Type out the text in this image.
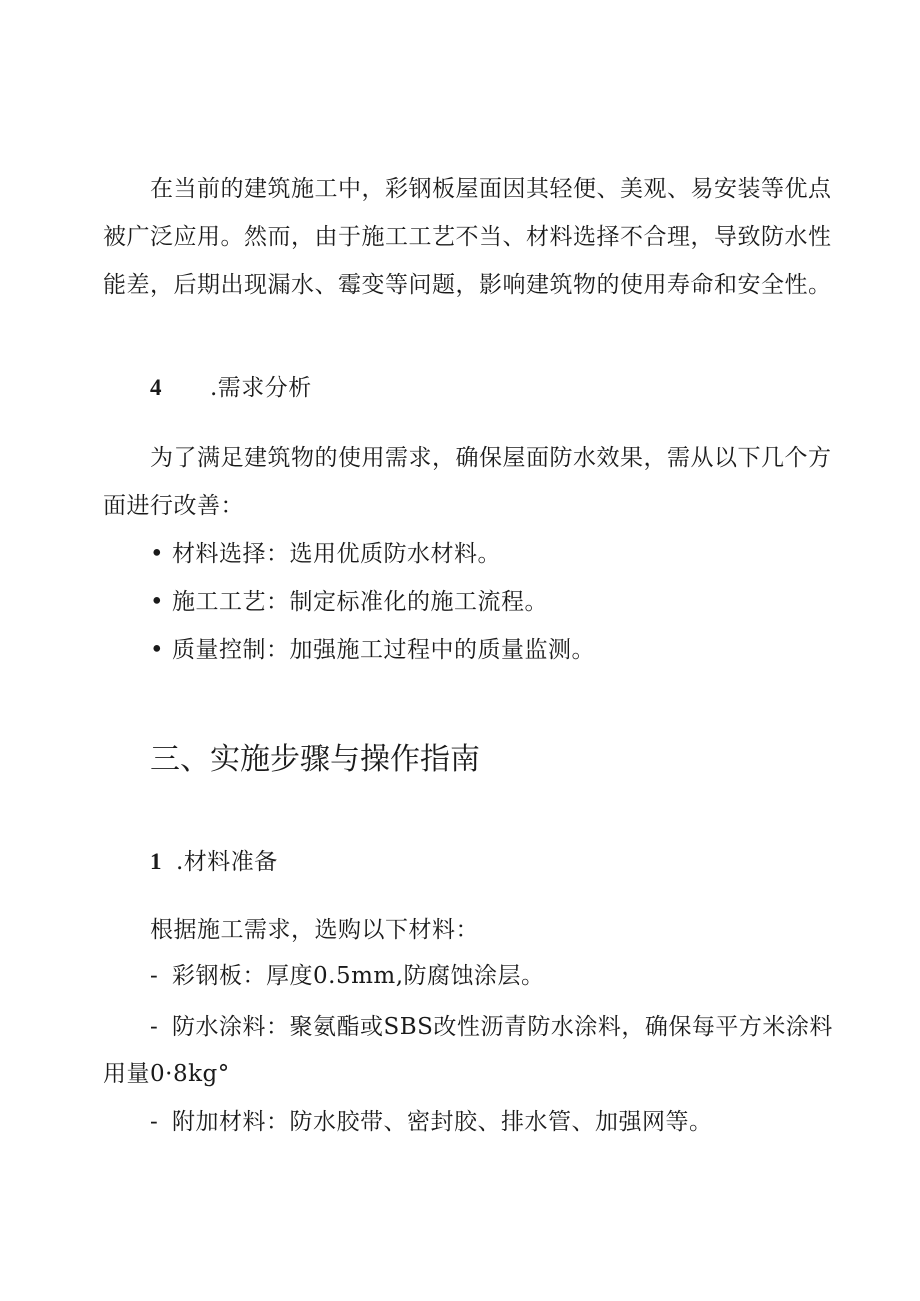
在当前的建筑施工中，彩钢板屋面因其轻便、美观、易安装等优点
被广泛应用。然而，由于施工工艺不当、材料选择不合理，导致防水性
能差，后期出现漏水、霉变等问题，影响建筑物的使用寿命和安全性。
4 .需求分析
为了满足建筑物的使用需求，确保屋面防水效果，需从以下几个方
面进行改善：
• 材料选择：选用优质防水材料。
• 施工工艺：制定标准化的施工流程。
• 质量控制：加强施工过程中的质量监测。
三、实施步骤与操作指南
1 .材料准备
根据施工需求，选购以下材料：
- 彩钢板：厚度0.5mm,防腐蚀涂层。
- 防水涂料：聚氨酯或SBS改性沥青防水涂料，确保每平方米涂料
用量0·8kg°
- 附加材料：防水胶带、密封胶、排水管、加强网等。
